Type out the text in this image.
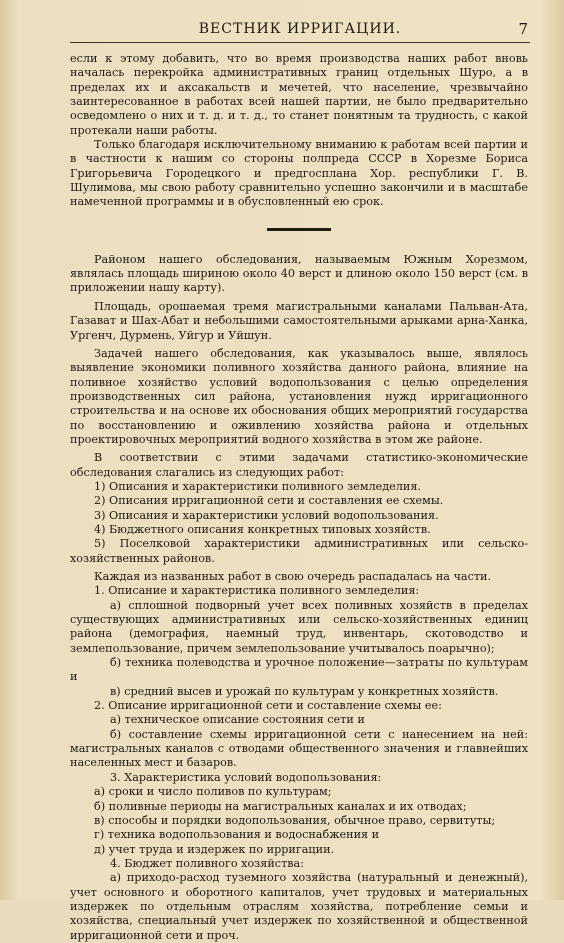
ВЕСТНИК ИРРИГАЦИИ.	7

если к этому добавить, что во время производства наших работ вновь началась перекройка административных границ отдельных Шуро, а в пределах их и аксакальств и мечетей, что население, чрезвычайно заинтересованное в работах всей нашей партии, не было предварительно осведомлено о них и т. д. и т. д., то станет понятным та трудность, с какой протекали наши работы.

Только благодаря исключительному вниманию к работам всей партии и в частности к нашим со стороны полпреда СССР в Хорезме Бориса Григорьевича Городецкого и предгосплана Хор. республики Г. В. Шулимова, мы свою работу сравнительно успешно закончили и в масштабе намеченной программы и в обусловленный ею срок.

Районом нашего обследования, называемым Южным Хорезмом, являлась площадь шириною около 40 верст и длиною около 150 верст (см. в приложении нашу карту).

Площадь, орошаемая тремя магистральными каналами Пальван-Ата, Газават и Шах-Абат и небольшими самостоятельными арыками арна-Ханка, Ургенч, Дурмень, Уйгур и Уйшун.

Задачей нашего обследования, как указывалось выше, являлось выявление экономики поливного хозяйства данного района, влияние на поливное хозяйство условий водопользования с целью определения производственных сил района, установления нужд ирригационного строительства и на основе их обоснования общих мероприятий государства по восстановлению и оживлению хозяйства района и отдельных проектировочных мероприятий водного хозяйства в этом же районе.

В соответствии с этими задачами статистико-экономические обследования слагались из следующих работ:

1) Описания и характеристики поливного земледелия.

2) Описания ирригационной сети и составления ее схемы.

3) Описания и характеристики условий водопользования.

4) Бюджетного описания конкретных типовых хозяйств.

5) Поселковой характеристики административных или сельско-хозяйственных районов.

Каждая из названных работ в свою очередь распадалась на части.

1. Описание и характеристика поливного земледелия:

а) сплошной подворный учет всех поливных хозяйств в пределах существующих административных или сельско-хозяйственных единиц района (демография, наемный труд, инвентарь, скотоводство и землепользование, причем землепользование учитывалось поарычно);

б) техника полеводства и урочное положение—затраты по культурам и

в) средний высев и урожай по культурам у конкретных хозяйств.

2. Описание ирригационной сети и составление схемы ее:

а) техническое описание состояния сети и

б) составление схемы ирригационной сети с нанесением на ней: магистральных каналов с отводами общественного значения и главнейших населенных мест и базаров.

3. Характеристика условий водопользования:

а) сроки и число поливов по культурам;

б) поливные периоды на магистральных каналах и их отводах;

в) способы и порядки водопользования, обычное право, сервитуты;

г) техника водопользования и водоснабжения и

д) учет труда и издержек по ирригации.

4. Бюджет поливного хозяйства:

а) приходо-расход туземного хозяйства (натуральный и денежный), учет основного и оборотного капиталов, учет трудовых и материальных издержек по отдельным отраслям хозяйства, потребление семьи и хозяйства, специальный учет издержек по хозяйственной и общественной ирригационной сети и проч.
